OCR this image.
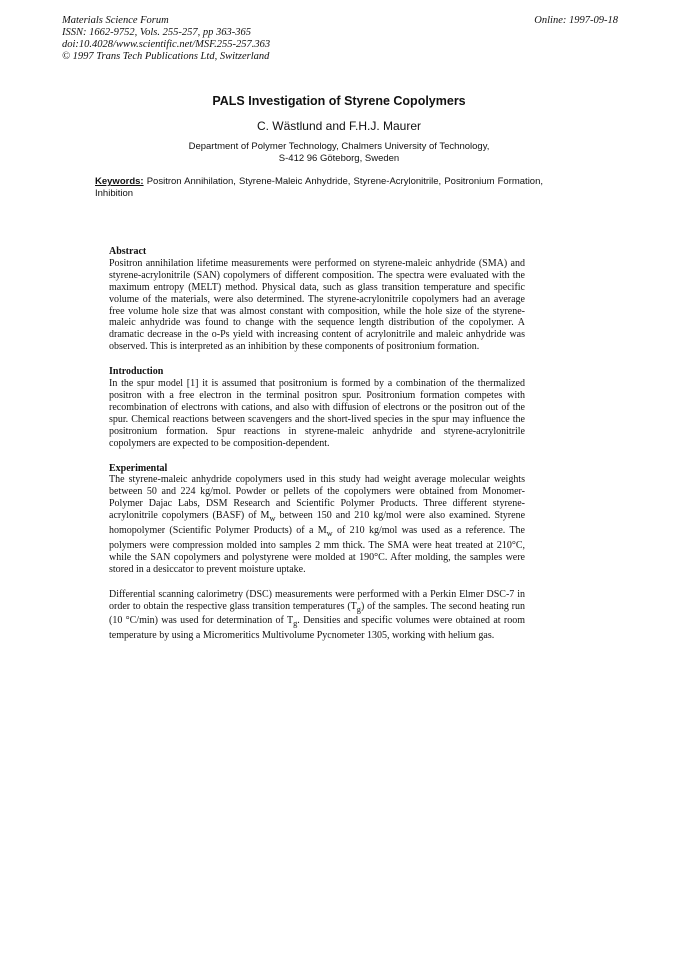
Materials Science Forum
ISSN: 1662-9752, Vols. 255-257, pp 363-365
doi:10.4028/www.scientific.net/MSF.255-257.363
© 1997 Trans Tech Publications Ltd, Switzerland
Online: 1997-09-18
PALS Investigation of Styrene Copolymers
C. Wästlund and F.H.J. Maurer
Department of Polymer Technology, Chalmers University of Technology,
S-412 96 Göteborg, Sweden
Keywords: Positron Annihilation, Styrene-Maleic Anhydride, Styrene-Acrylonitrile, Positronium Formation, Inhibition
Abstract
Positron annihilation lifetime measurements were performed on styrene-maleic anhydride (SMA) and styrene-acrylonitrile (SAN) copolymers of different composition. The spectra were evaluated with the maximum entropy (MELT) method. Physical data, such as glass transition temperature and specific volume of the materials, were also determined. The styrene-acrylonitrile copolymers had an average free volume hole size that was almost constant with composition, while the hole size of the styrene-maleic anhydride was found to change with the sequence length distribution of the copolymer. A dramatic decrease in the o-Ps yield with increasing content of acrylonitrile and maleic anhydride was observed. This is interpreted as an inhibition by these components of positronium formation.
Introduction
In the spur model [1] it is assumed that positronium is formed by a combination of the thermalized positron with a free electron in the terminal positron spur. Positronium formation competes with recombination of electrons with cations, and also with diffusion of electrons or the positron out of the spur. Chemical reactions between scavengers and the short-lived species in the spur may influence the positronium formation. Spur reactions in styrene-maleic anhydride and styrene-acrylonitrile copolymers are expected to be composition-dependent.
Experimental
The styrene-maleic anhydride copolymers used in this study had weight average molecular weights between 50 and 224 kg/mol. Powder or pellets of the copolymers were obtained from Monomer-Polymer Dajac Labs, DSM Research and Scientific Polymer Products. Three different styrene-acrylonitrile copolymers (BASF) of $M_w$ between 150 and 210 kg/mol were also examined. Styrene homopolymer (Scientific Polymer Products) of a $M_w$ of 210 kg/mol was used as a reference. The polymers were compression molded into samples 2 mm thick. The SMA were heat treated at 210°C, while the SAN copolymers and polystyrene were molded at 190°C. After molding, the samples were stored in a desiccator to prevent moisture uptake.
Differential scanning calorimetry (DSC) measurements were performed with a Perkin Elmer DSC-7 in order to obtain the respective glass transition temperatures $(T_g)$ of the samples. The second heating run (10 °C/min) was used for determination of $T_g$. Densities and specific volumes were obtained at room temperature by using a Micromeritics Multivolume Pycnometer 1305, working with helium gas.
